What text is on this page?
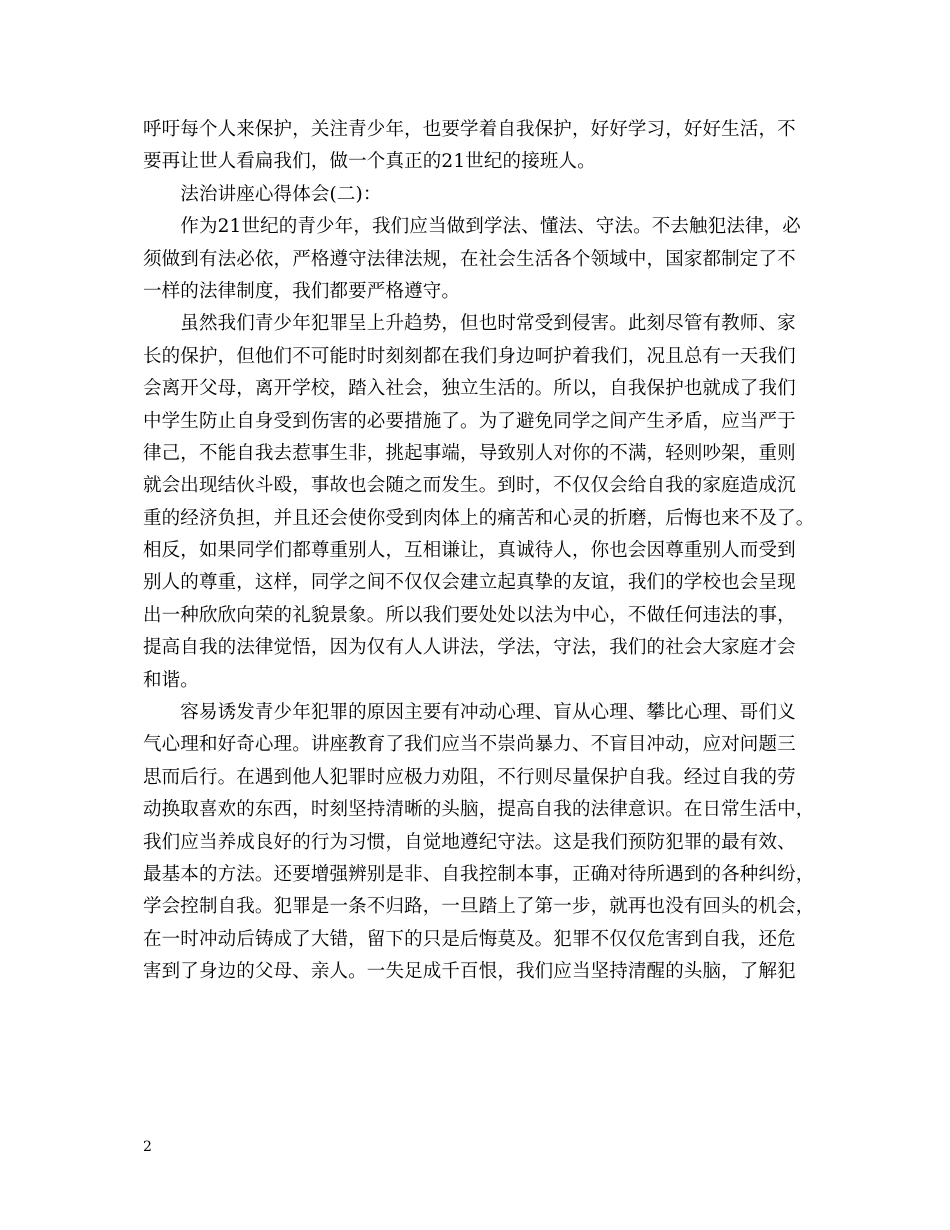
呼吁每个人来保护，关注青少年，也要学着自我保护，好好学习，好好生活，不
要再让世人看扁我们，做一个真正的21世纪的接班人。
　　法治讲座心得体会(二)：
　　作为21世纪的青少年，我们应当做到学法、懂法、守法。不去触犯法律，必
须做到有法必依，严格遵守法律法规，在社会生活各个领域中，国家都制定了不
一样的法律制度，我们都要严格遵守。
　　虽然我们青少年犯罪呈上升趋势，但也时常受到侵害。此刻尽管有教师、家
长的保护，但他们不可能时时刻刻都在我们身边呵护着我们，况且总有一天我们
会离开父母，离开学校，踏入社会，独立生活的。所以，自我保护也就成了我们
中学生防止自身受到伤害的必要措施了。为了避免同学之间产生矛盾，应当严于
律己，不能自我去惹事生非，挑起事端，导致别人对你的不满，轻则吵架，重则
就会出现结伙斗殴，事故也会随之而发生。到时，不仅仅会给自我的家庭造成沉
重的经济负担，并且还会使你受到肉体上的痛苦和心灵的折磨，后悔也来不及了。
相反，如果同学们都尊重别人，互相谦让，真诚待人，你也会因尊重别人而受到
别人的尊重，这样，同学之间不仅仅会建立起真挚的友谊，我们的学校也会呈现
出一种欣欣向荣的礼貌景象。所以我们要处处以法为中心，不做任何违法的事，
提高自我的法律觉悟，因为仅有人人讲法，学法，守法，我们的社会大家庭才会
和谐。
　　容易诱发青少年犯罪的原因主要有冲动心理、盲从心理、攀比心理、哥们义
气心理和好奇心理。讲座教育了我们应当不崇尚暴力、不盲目冲动，应对问题三
思而后行。在遇到他人犯罪时应极力劝阻，不行则尽量保护自我。经过自我的劳
动换取喜欢的东西，时刻坚持清晰的头脑，提高自我的法律意识。在日常生活中，
我们应当养成良好的行为习惯，自觉地遵纪守法。这是我们预防犯罪的最有效、
最基本的方法。还要增强辨别是非、自我控制本事，正确对待所遇到的各种纠纷，
学会控制自我。犯罪是一条不归路，一旦踏上了第一步，就再也没有回头的机会，
在一时冲动后铸成了大错，留下的只是后悔莫及。犯罪不仅仅危害到自我，还危
害到了身边的父母、亲人。一失足成千百恨，我们应当坚持清醒的头脑，了解犯
2
